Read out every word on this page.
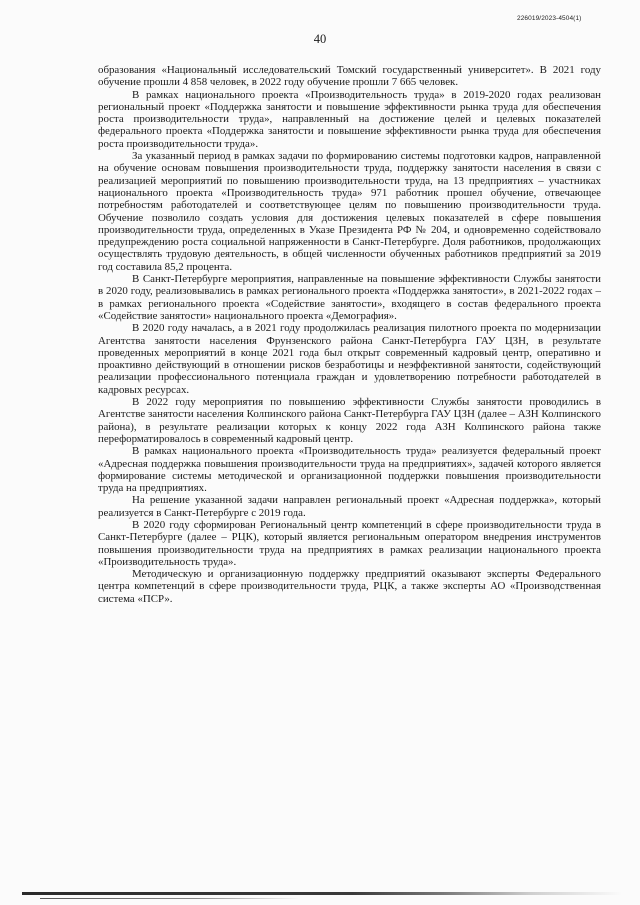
226019/2023-4504(1)
40

образования «Национальный исследовательский Томский государственный университет». В 2021 году обучение прошли 4 858 человек, в 2022 году обучение прошли 7 665 человек.

В рамках национального проекта «Производительность труда» в 2019-2020 годах реализован региональный проект «Поддержка занятости и повышение эффективности рынка труда для обеспечения роста производительности труда», направленный на достижение целей и целевых показателей федерального проекта «Поддержка занятости и повышение эффективности рынка труда для обеспечения роста производительности труда».

За указанный период в рамках задачи по формированию системы подготовки кадров, направленной на обучение основам повышения производительности труда, поддержку занятости населения в связи с реализацией мероприятий по повышению производительности труда, на 13 предприятиях – участниках национального проекта «Производительность труда» 971 работник прошел обучение, отвечающее потребностям работодателей и соответствующее целям по повышению производительности труда. Обучение позволило создать условия для достижения целевых показателей в сфере повышения производительности труда, определенных в Указе Президента РФ № 204, и одновременно содействовало предупреждению роста социальной напряженности в Санкт-Петербурге. Доля работников, продолжающих осуществлять трудовую деятельность, в общей численности обученных работников предприятий за 2019 год составила 85,2 процента.

В Санкт-Петербурге мероприятия, направленные на повышение эффективности Службы занятости в 2020 году, реализовывались в рамках регионального проекта «Поддержка занятости», в 2021-2022 годах – в рамках регионального проекта «Содействие занятости», входящего в состав федерального проекта «Содействие занятости» национального проекта «Демография».

В 2020 году началась, а в 2021 году продолжилась реализация пилотного проекта по модернизации Агентства занятости населения Фрунзенского района Санкт-Петербурга ГАУ ЦЗН, в результате проведенных мероприятий в конце 2021 года был открыт современный кадровый центр, оперативно и проактивно действующий в отношении рисков безработицы и неэффективной занятости, содействующий реализации профессионального потенциала граждан и удовлетворению потребности работодателей в кадровых ресурсах.

В 2022 году мероприятия по повышению эффективности Службы занятости проводились в Агентстве занятости населения Колпинского района Санкт-Петербурга ГАУ ЦЗН (далее – АЗН Колпинского района), в результате реализации которых к концу 2022 года АЗН Колпинского района также переформатировалось в современный кадровый центр.

В рамках национального проекта «Производительность труда» реализуется федеральный проект «Адресная поддержка повышения производительности труда на предприятиях», задачей которого является формирование системы методической и организационной поддержки повышения производительности труда на предприятиях.

На решение указанной задачи направлен региональный проект «Адресная поддержка», который реализуется в Санкт-Петербурге с 2019 года.

В 2020 году сформирован Региональный центр компетенций в сфере производительности труда в Санкт-Петербурге (далее – РЦК), который является региональным оператором внедрения инструментов повышения производительности труда на предприятиях в рамках реализации национального проекта «Производительность труда».

Методическую и организационную поддержку предприятий оказывают эксперты Федерального центра компетенций в сфере производительности труда, РЦК, а также эксперты АО «Производственная система «ПСР».
